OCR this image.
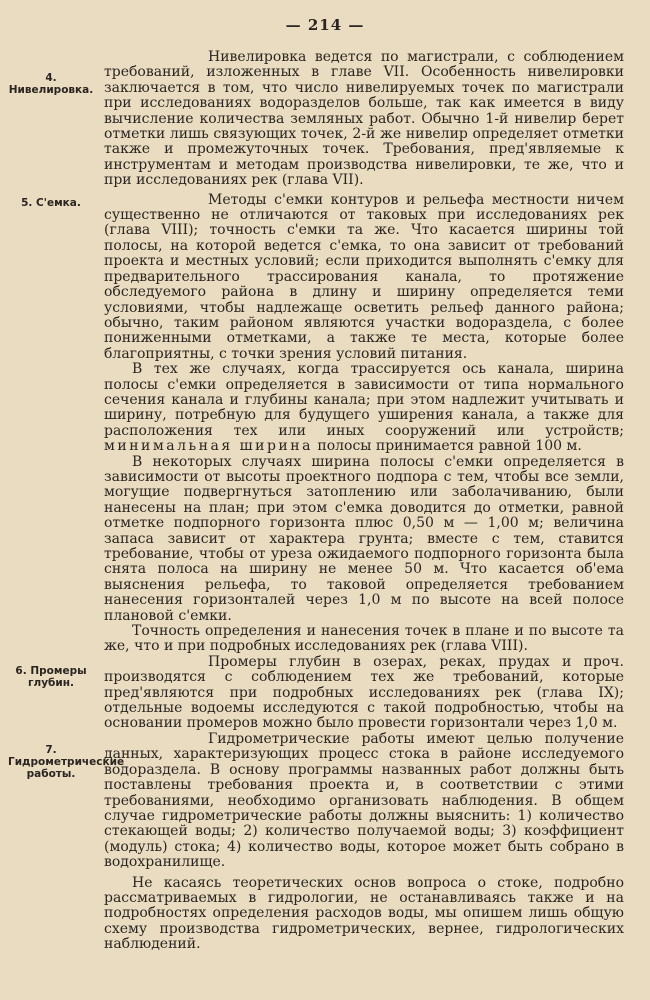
— 214 —
4. Нивелировка.

Нивелировка ведется по магистрали, с соблюдением требований, изложенных в главе VII. Особенность нивелировки заключается в том, что число нивелируемых точек по магистрали при исследованиях водоразделов больше, так как имеется в виду вычисление количества земляных работ. Обычно 1-й нивелир берет отметки лишь связующих точек, 2-й же нивелир определяет отметки также и промежуточных точек. Требования, пред'являемые к инструментам и методам производства нивелировки, те же, что и при исследованиях рек (глава VII).

5. С'емка.	Методы с'емки контуров и рельефа местности ничем существенно не отличаются от таковых при исследованиях рек (глава VIII); точность с'емки та же. Что касается ширины той полосы, на которой ведется с'емка, то она зависит от требований проекта и местных условий; если приходится выполнять с'емку для предварительного трассирования канала, то протяжение обследуемого района в длину и ширину определяется теми условиями, чтобы надлежаще осветить рельеф данного района; обычно, таким районом являются участки водораздела, с более пониженными отметками, а также те места, которые более благоприятны, с точки зрения условий питания.

В тех же случаях, когда трассируется ось канала, ширина полосы с'емки определяется в зависимости от типа нормального сечения канала и глубины канала; при этом надлежит учитывать и ширину, потребную для будущего уширения канала, а также для расположения тех или иных сооружений или устройств; минимальная ширина полосы принимается равной 100 м.

В некоторых случаях ширина полосы с'емки определяется в зависимости от высоты проектного подпора с тем, чтобы все земли, могущие подвергнуться затоплению или заболачиванию, были нанесены на план; при этом с'емка доводится до отметки, равной отметке подпорного горизонта плюс 0,50 м — 1,00 м; величина запаса зависит от характера грунта; вместе с тем, ставится требование, чтобы от уреза ожидаемого подпорного горизонта была снята полоса на ширину не менее 50 м. Что касается об'ема выяснения рельефа, то таковой определяется требованием нанесения горизонталей через 1,0 м по высоте на всей полосе плановой с'емки.

Точность определения и нанесения точек в плане и по высоте та же, что и при подробных исследованиях рек (глава VIII).

6. Промеры глубин.

Промеры глубин в озерах, реках, прудах и проч. производятся с соблюдением тех же требований, которые пред'являются при подробных исследованиях рек (глава IX); отдельные водоемы исследуются с такой подробностью, чтобы на основании промеров можно было провести горизонтали через 1,0 м.

7. Гидрометрические работы.

Гидрометрические работы имеют целью получение данных, характеризующих процесс стока в районе исследуемого водораздела. В основу программы названных работ должны быть поставлены требования проекта и, в соответствии с этими требованиями, необходимо организовать наблюдения. В общем случае гидрометрические работы должны выяснить: 1) количество стекающей воды; 2) количество получаемой воды; 3) коэффициент (модуль) стока; 4) количество воды, которое может быть собрано в водохранилище.

Не касаясь теоретических основ вопроса о стоке, подробно рассматриваемых в гидрологии, не останавливаясь также и на подробностях определения расходов воды, мы опишем лишь общую схему производства гидрометрических, вернее, гидрологических наблюдений.
